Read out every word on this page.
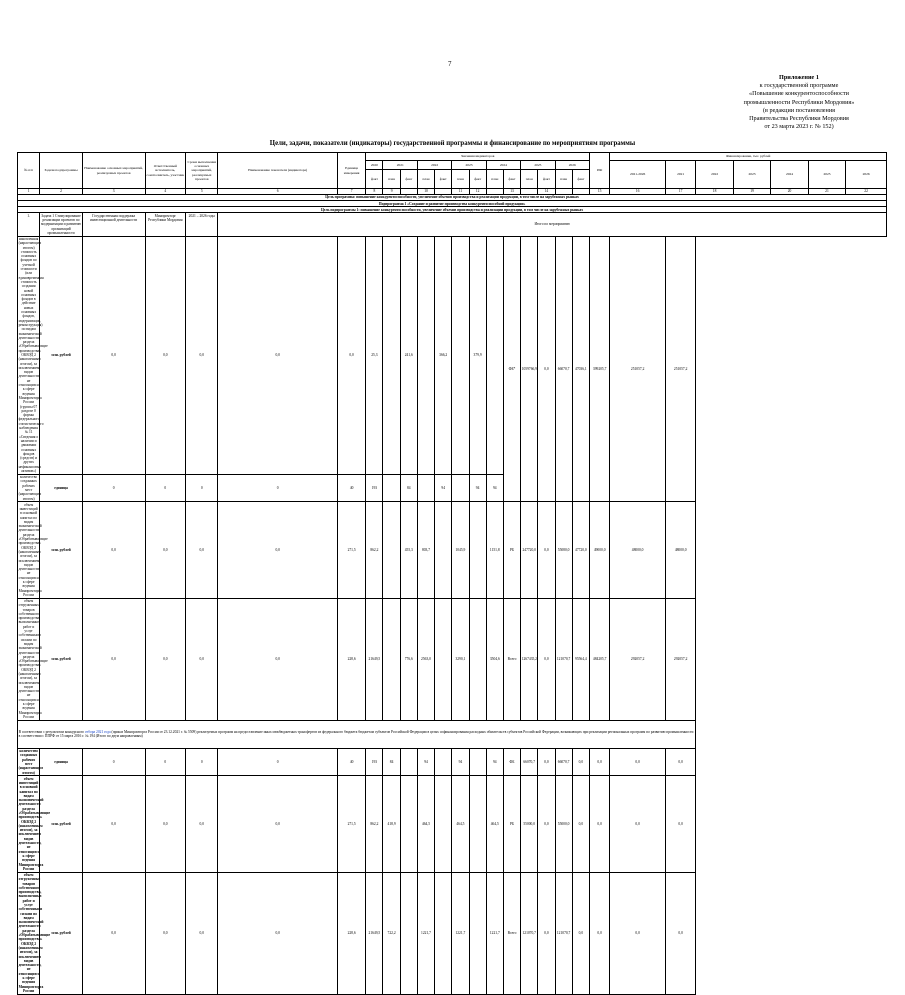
7
Приложение 1
к государственной программе
«Повышение конкурентоспособности
промышленности Республики Мордовия»
(в редакции постановления
Правительства Республики Мордовия
от 23 марта 2023 г. № 152)
Цели, задачи, показатели (индикаторы) государственной программы и финансирование по мероприятиям программы
№ п/п	Задачи подпрограммы	Наименование основных мероприятий, реализуемых проектов	Ответственный исполнитель, соисполнитель, участник	Сроки выполнения основных мероприятий, реализуемых проектов	Наименование показателя (индикатора)	Единица измерения	Значения индикаторов													ИФ	Финансирование, тыс. рублей						
							2020	2021		2022		2023		2024		2025		2026			2021-2026	2021	2022	2023	2024	2025	2026
							факт	план	факт	план	факт	план	факт	план	факт	план	факт	план	факт								
1	2	3	4	5	6	7	8	9		10		11	12		13		14			15	16	17	18	19	20	21	22
Цель программы: повышение конкурентоспособности, увеличение объемов производства и реализации продукции, в том числе на зарубежных рынках																											
Подпрограмма 1 «Создание и развитие производства конкурентоспособной продукции»																											
Цель подпрограммы 1: повышение конкурентоспособности, увеличение объемов производства и реализации продукции, в том числе на зарубежных рынках																											
1.	Задача 1 Стимулирование реализации проектов по модернизации и развитию организаций промышленности	Государственная поддержка инвестиционной деятельности	Минпромторг Республики Мордовия	2021 – 2026 годы	Итого по мероприятию																						
накопленная (нарастающим итогом) стоимость основных фондов по учетной стоимости (или единовременная стоимость создания новой основных фондов в действие новых основных фондов, модернизация, реконструкция) по видам экономической деятельности раздела «Обрабатывающие производства» ОКВЭД 2 (накопленным итогом), за исключением видов деятельности, не относящихся к сфере ведения Минпромторга России (группы 07 разделе 0 формы федерального статистического наблюдения № 11 «Сведения о наличии и движении основных фондов (средств) и других нефинансовых активов»)	млн. рублей	0,0	0,0	0,0	0,0	0,0	25,3		241,6		366,2		379,9		ФБ*	1059766,9	0,0	66070,7	47036,1	399205,7	251057,2	251057,2					
количество созданных рабочих мест (нарастающим итогом)	единица	0	0	0	0	40	193		84		94		94	94													
объем инвестиций в основной капитал по видам экономической деятельности раздела «Обрабатывающие производства» ОКВЭД 2 (накопленным итогом), за исключением видов деятельности, не относящихся к сфере ведения Минпромторга России	млн. рублей	0,0	0,0	0,0	0,0	271,5	862,2		455,3	803,7		1045,9		1151,8	РБ	247720,0	0,0	55080,0	47720,0	49000,0	48000,0	48000,0					
объем отгруженных товаров собственного производства, выполненных работ и услуг собственными силами по видам экономической деятельности раздела «Обрабатывающие производства» ОКВЭД 2 (накопленным итогом), за исключением видов деятельности, не относящихся к сфере ведения Минпромторга России	млн. рублей	0,0	0,0	0,0	0,0	228,6	21649,5		776,6	2563,0		3290,1		3504,6	Всего	1267435,2	0,0	121070,7	95564,4	484205,7	292057,2	292057,2					
В соответствии с результатом конкурсного отбора 2021 года (приказ Минпромторга России от 23.12.2021 г. № 5509) реализуемых программ на предоставление иных межбюджетных трансфертов из федерального бюджета бюджетам субъектов Российской Федерации в целях софинансирования расходных обязательств субъектов Российской Федерации, возникающих при реализации региональных программ по развитию промышленности в соответствии с ППРФ от 15 марта 2016 г. № 194 (Итого по двум направлениям)																											
количество созданных рабочих мест (нарастающим итогом)	единица	0	0	0	0	40	193	84		94		94		94	ФБ	66070,7	0,0	66070,7	0,0	0,0	0,0	0,0					
объем инвестиций в основной капитал по видам экономической деятельности раздела «Обрабатывающие производства» ОКВЭД 2 (накопленным итогом), за исключением видов деятельности, не относящихся к сфере ведения Минпромторга России	млн. рублей	0,0	0,0	0,0	0,0	271,5	862,2	418,9		464,5		464,5		464,5	РБ	55000,0	0,0	55000,0	0,0	0,0	0,0	0,0					
объем отгруженных товаров собственного производства, выполненных работ и услуг собственными силами по видам экономической деятельности раздела «Обрабатывающие производства» ОКВЭД 2 (накопленным итогом), за исключением видов деятельности, не относящихся к сфере ведения Минпромторга России	млн. рублей	0,0	0,0	0,0	0,0	228,6	21649,5	722,2		1221,7		1221,7		1221,7	Всего	121070,7	0,0	121070,7	0,0	0,0	0,0	0,0					
